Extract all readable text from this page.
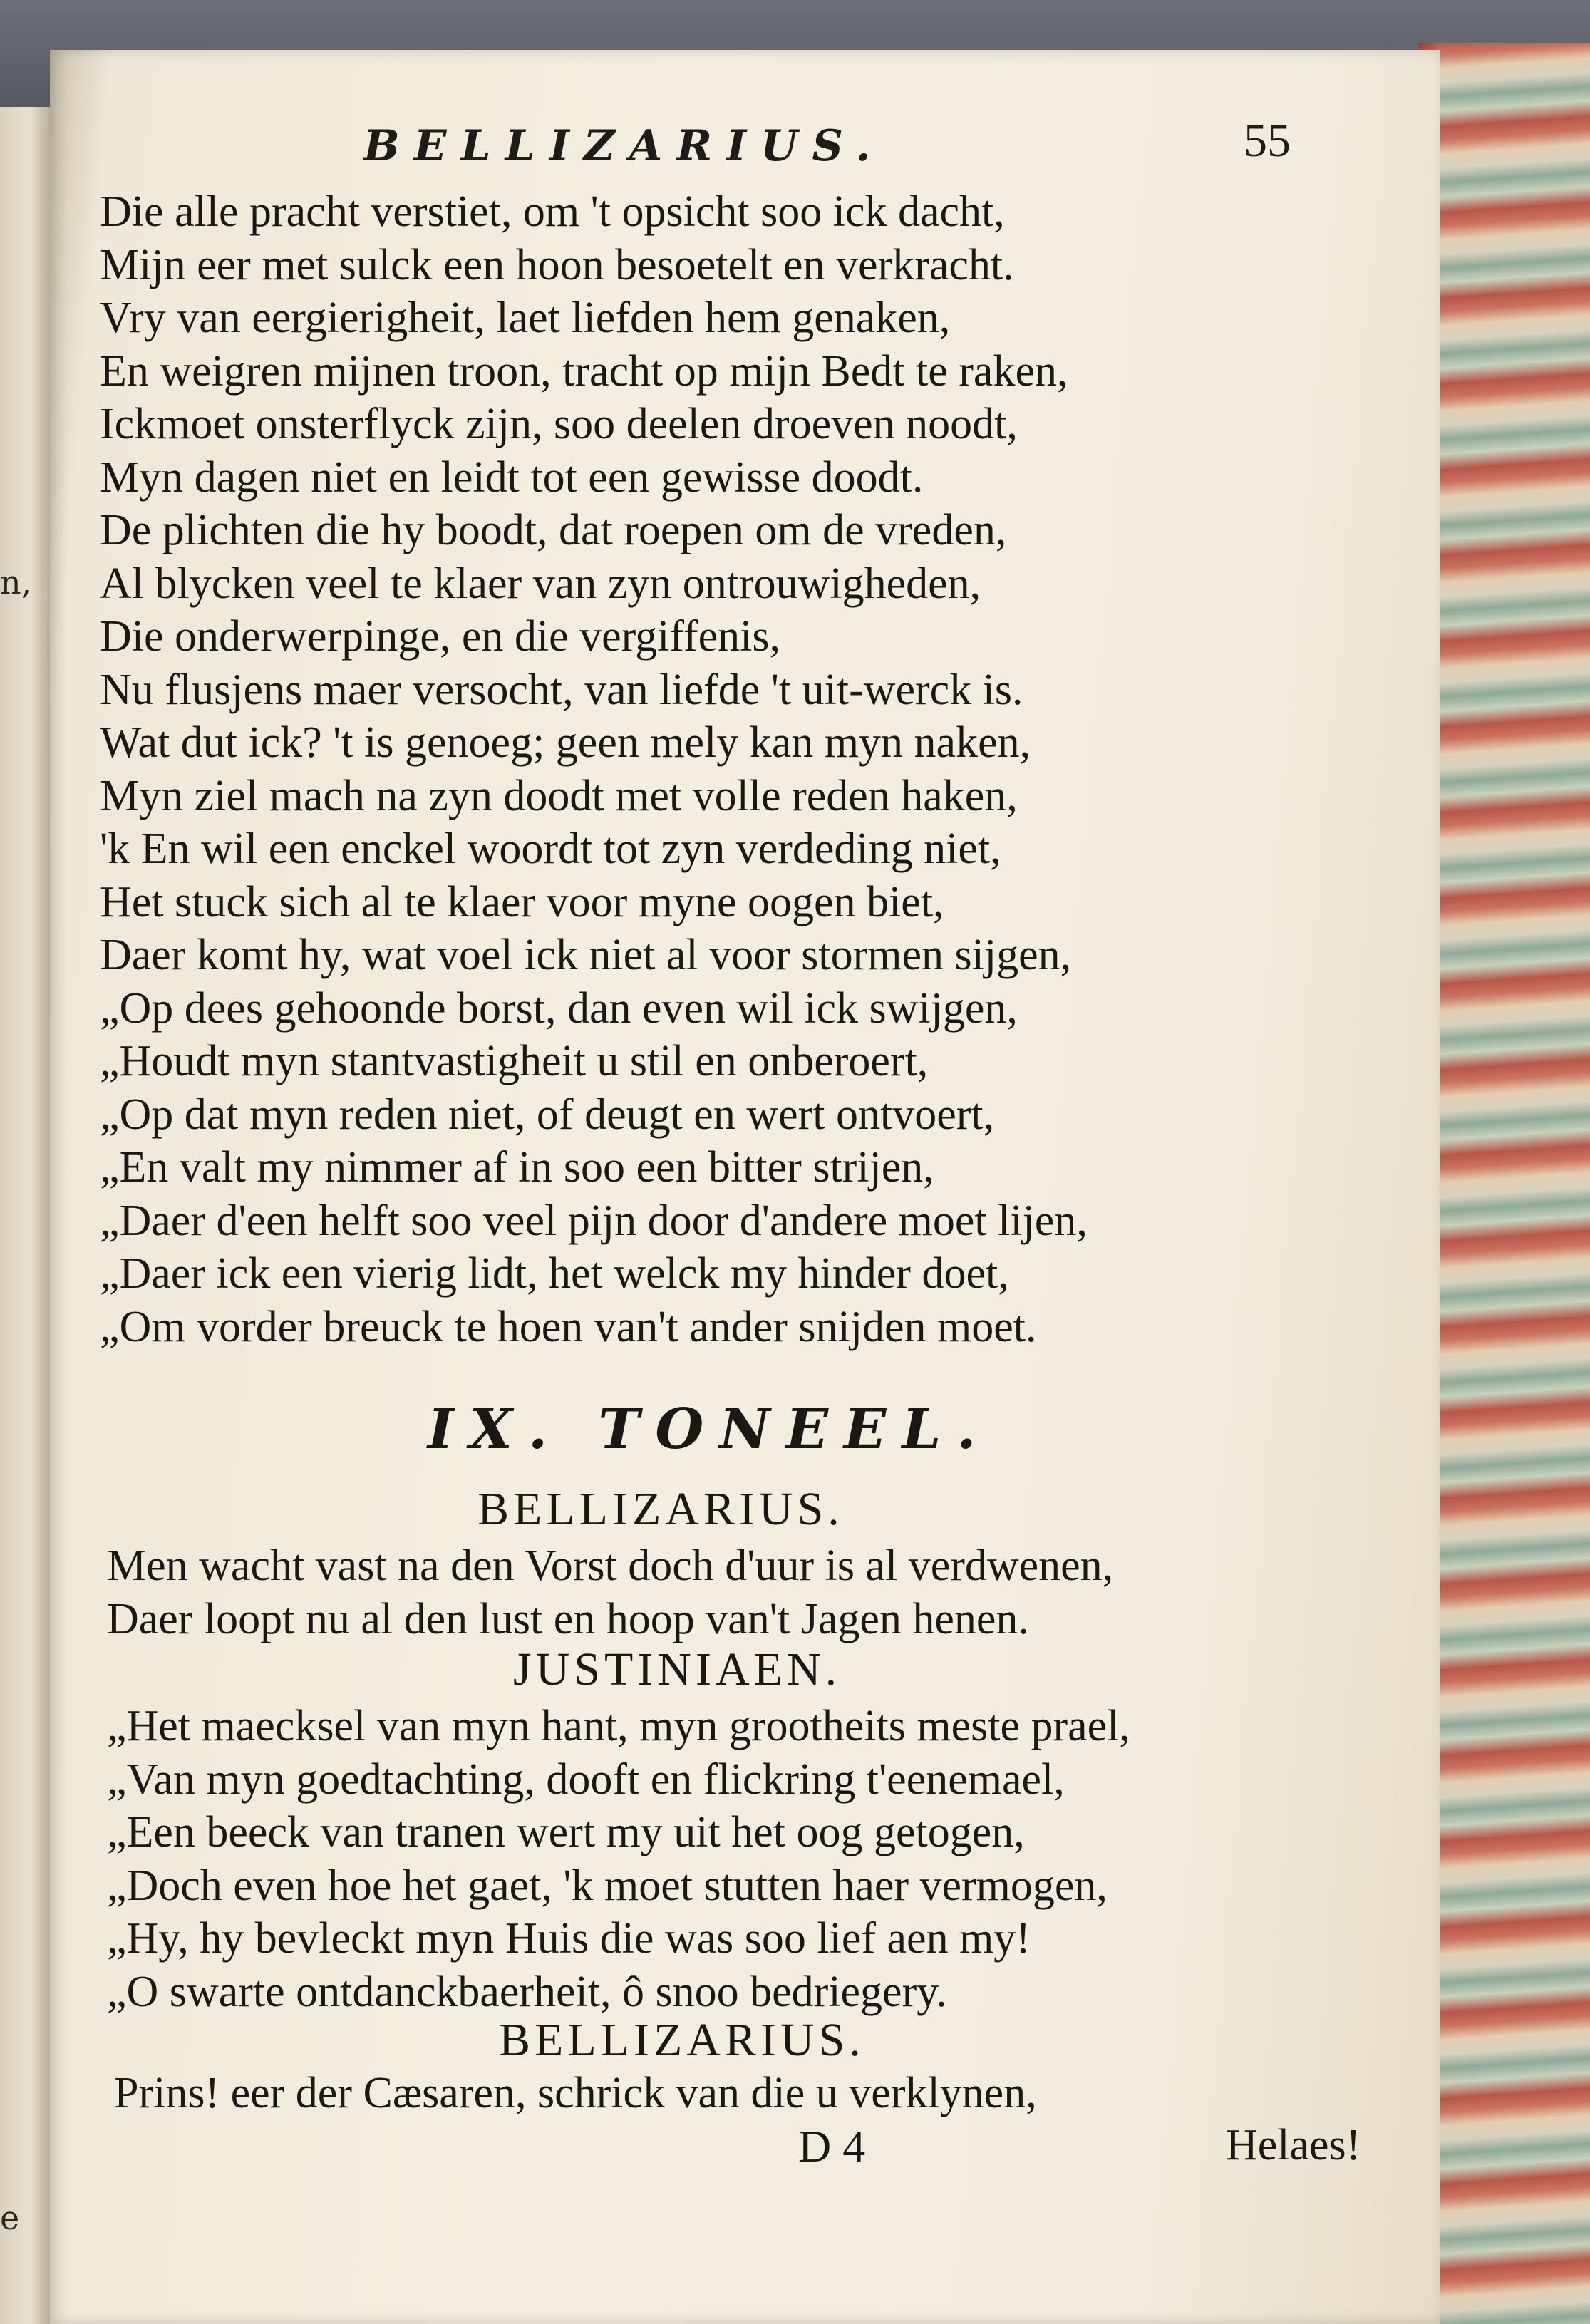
n,
e
BELLIZARIUS.	55
Die alle pracht verstiet, om 't opsicht soo ick dacht,
Mijn eer met sulck een hoon besoetelt en verkracht.
Vry van eergierigheit, laet liefden hem genaken,
En weigren mijnen troon, tracht op mijn Bedt te raken,
Ickmoet onsterflyck zijn, soo deelen droeven noodt,
Myn dagen niet en leidt tot een gewisse doodt.
De plichten die hy boodt, dat roepen om de vreden,
Al blycken veel te klaer van zyn ontrouwigheden,
Die onderwerpinge, en die vergiffenis,
Nu flusjens maer versocht, van liefde 't uit-werck is.
Wat dut ick? 't is genoeg; geen mely kan myn naken,
Myn ziel mach na zyn doodt met volle reden haken,
'k En wil een enckel woordt tot zyn verdeding niet,
Het stuck sich al te klaer voor myne oogen biet,
Daer komt hy, wat voel ick niet al voor stormen sijgen,
„Op dees gehoonde borst, dan even wil ick swijgen,
„Houdt myn stantvastigheit u stil en onberoert,
„Op dat myn reden niet, of deugt en wert ontvoert,
„En valt my nimmer af in soo een bitter strijen,
„Daer d'een helft soo veel pijn door d'andere moet lijen,
„Daer ick een vierig lidt, het welck my hinder doet,
„Om vorder breuck te hoen van't ander snijden moet.
IX. TONEEL.
BELLIZARIUS.
Men wacht vast na den Vorst doch d'uur is al verdwenen,
Daer loopt nu al den lust en hoop van't Jagen henen.
JUSTINIAEN.
„Het maecksel van myn hant, myn grootheits meste prael,
„Van myn goedtachting, dooft en flickring t'eenemael,
„Een beeck van tranen wert my uit het oog getogen,
„Doch even hoe het gaet, 'k moet stutten haer vermogen,
„Hy, hy bevleckt myn Huis die was soo lief aen my!
„O swarte ontdanckbaerheit, ô snoo bedriegery.
BELLIZARIUS.
Prins! eer der Cæsaren, schrick van die u verklynen,
D 4	Helaes!
